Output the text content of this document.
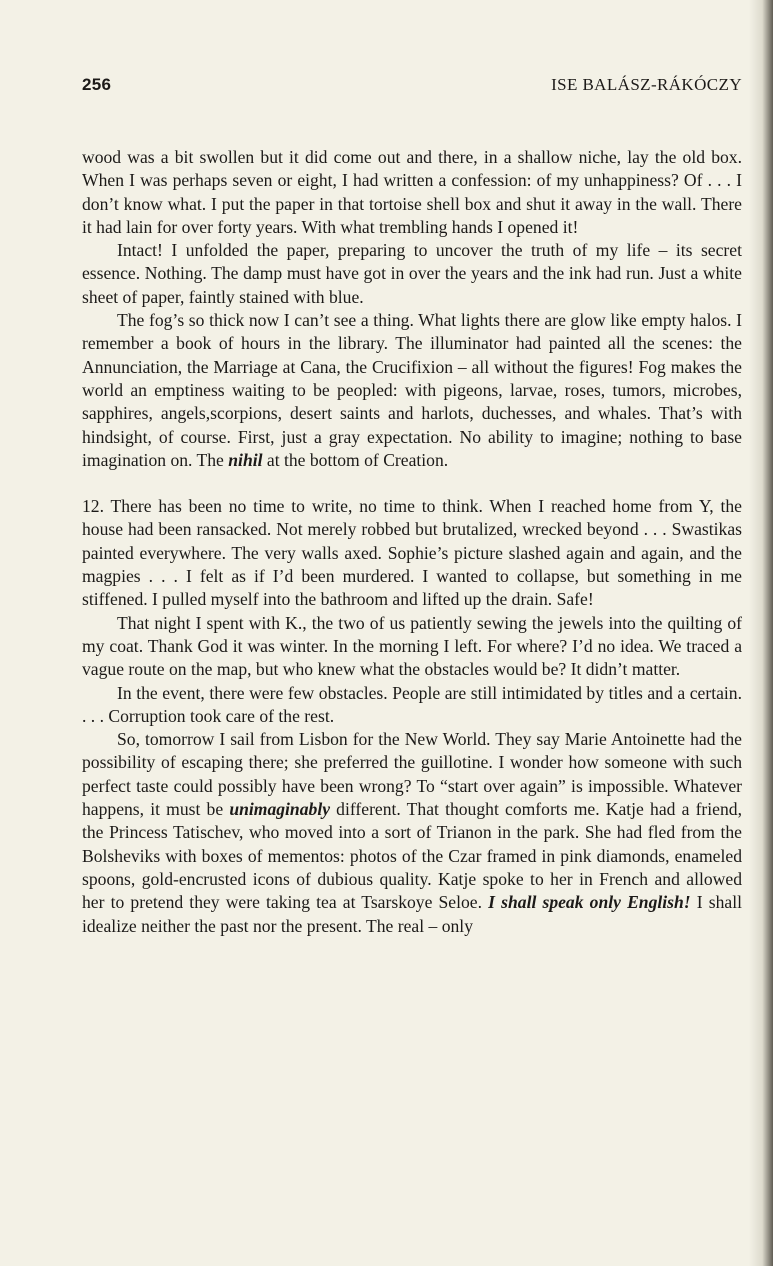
256	ISE BALÁSZ-RÁKÓCZY

wood was a bit swollen but it did come out and there, in a shallow niche, lay the old box. When I was perhaps seven or eight, I had written a confession: of my unhappiness? Of . . . I don’t know what. I put the paper in that tortoise shell box and shut it away in the wall. There it had lain for over forty years. With what trembling hands I opened it!

Intact! I unfolded the paper, preparing to uncover the truth of my life – its secret essence. Nothing. The damp must have got in over the years and the ink had run. Just a white sheet of paper, faintly stained with blue.

The fog’s so thick now I can’t see a thing. What lights there are glow like empty halos. I remember a book of hours in the library. The illuminator had painted all the scenes: the Annunciation, the Marriage at Cana, the Crucifixion – all without the figures! Fog makes the world an emptiness waiting to be peopled: with pigeons, larvae, roses, tumors, microbes, sapphires, angels,scorpions, desert saints and harlots, duchesses, and whales. That’s with hindsight, of course. First, just a gray expectation. No ability to imagine; nothing to base imagination on. The nihil at the bottom of Creation.

12. There has been no time to write, no time to think. When I reached home from Y, the house had been ransacked. Not merely robbed but brutalized, wrecked beyond . . . Swastikas painted everywhere. The very walls axed. Sophie’s picture slashed again and again, and the magpies . . . I felt as if I’d been murdered. I wanted to collapse, but something in me stiffened. I pulled myself into the bathroom and lifted up the drain. Safe!

That night I spent with K., the two of us patiently sewing the jewels into the quilting of my coat. Thank God it was winter. In the morning I left. For where? I’d no idea. We traced a vague route on the map, but who knew what the obstacles would be? It didn’t matter.

In the event, there were few obstacles. People are still intimidated by titles and a certain. . . . Corruption took care of the rest.

So, tomorrow I sail from Lisbon for the New World. They say Marie Antoinette had the possibility of escaping there; she preferred the guillotine. I wonder how someone with such perfect taste could possibly have been wrong? To “start over again” is impossible. Whatever happens, it must be unimaginably different. That thought comforts me. Katje had a friend, the Princess Tatischev, who moved into a sort of Trianon in the park. She had fled from the Bolsheviks with boxes of mementos: photos of the Czar framed in pink diamonds, enameled spoons, gold-encrusted icons of dubious quality. Katje spoke to her in French and allowed her to pretend they were taking tea at Tsarskoye Seloe. I shall speak only English! I shall idealize neither the past nor the present. The real – only
